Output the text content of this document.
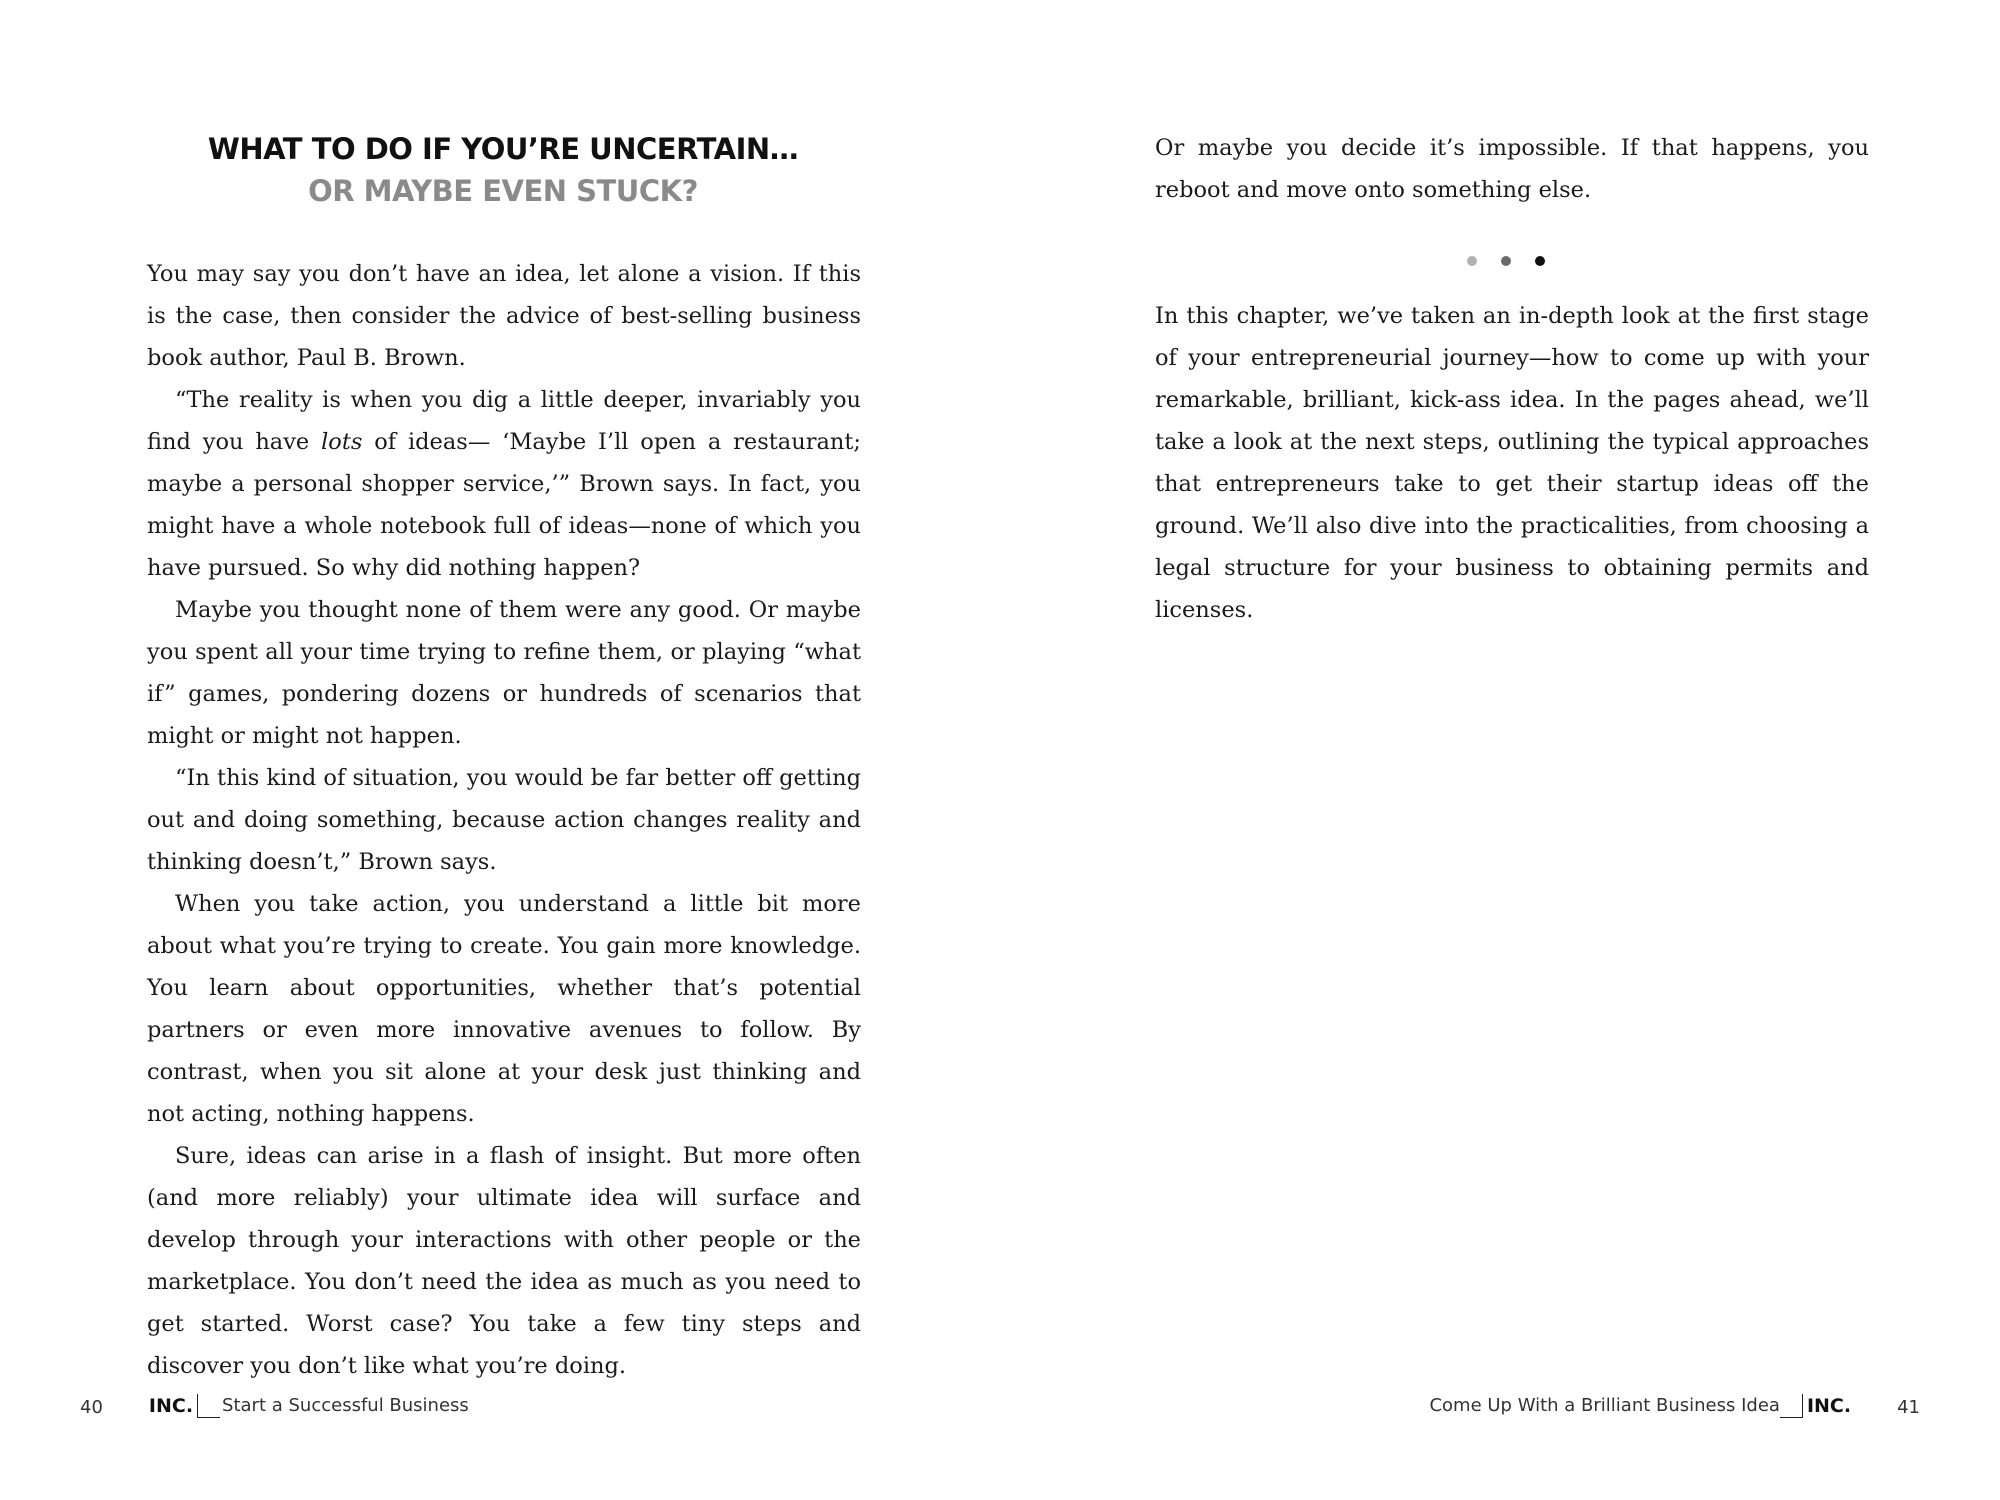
WHAT TO DO IF YOU’RE UNCERTAIN…
OR MAYBE EVEN STUCK?

You may say you don’t have an idea, let alone a vision. If this is the case, then consider the advice of best-selling business book author, Paul B. Brown.

“The reality is when you dig a little deeper, invariably you find you have lots of ideas— ‘Maybe I’ll open a restaurant; maybe a personal shopper service,’” Brown says. In fact, you might have a whole notebook full of ideas—none of which you have pursued. So why did nothing happen?

Maybe you thought none of them were any good. Or maybe you spent all your time trying to refine them, or playing “what if” games, pondering dozens or hundreds of scenarios that might or might not happen.

“In this kind of situation, you would be far better off getting out and doing something, because action changes reality and thinking doesn’t,” Brown says.

When you take action, you understand a little bit more about what you’re trying to create. You gain more knowledge. You learn about opportunities, whether that’s potential partners or even more innovative avenues to follow. By contrast, when you sit alone at your desk just thinking and not acting, nothing happens.

Sure, ideas can arise in a flash of insight. But more often (and more reliably) your ultimate idea will surface and develop through your interactions with other people or the marketplace. You don’t need the idea as much as you need to get started. Worst case? You take a few tiny steps and discover you don’t like what you’re doing.

40 INC. Start a Successful Business

Or maybe you decide it’s impossible. If that happens, you reboot and move onto something else.

In this chapter, we’ve taken an in-depth look at the first stage of your entrepreneurial journey—how to come up with your remarkable, brilliant, kick-ass idea. In the pages ahead, we’ll take a look at the next steps, outlining the typical approaches that entrepreneurs take to get their startup ideas off the ground. We’ll also dive into the practicalities, from choosing a legal structure for your business to obtaining permits and licenses.

Come Up With a Brilliant Business Idea INC.	41
